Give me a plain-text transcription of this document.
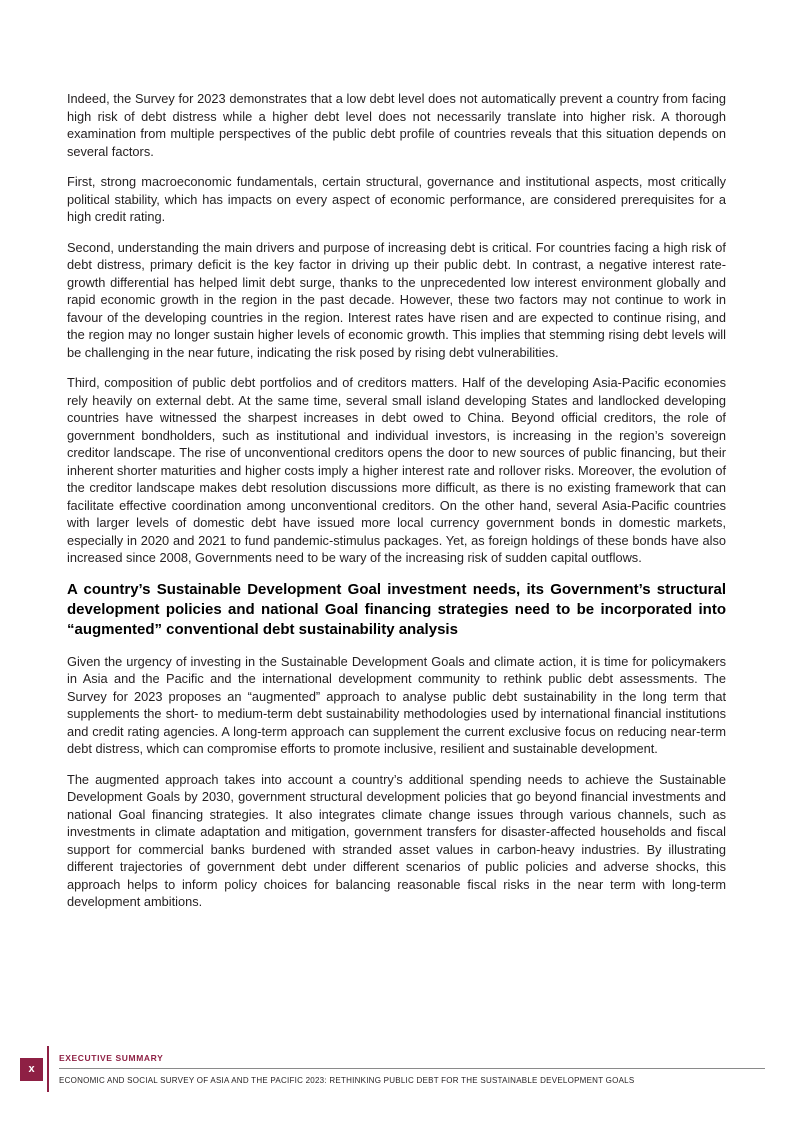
Indeed, the Survey for 2023 demonstrates that a low debt level does not automatically prevent a country from facing high risk of debt distress while a higher debt level does not necessarily translate into higher risk. A thorough examination from multiple perspectives of the public debt profile of countries reveals that this situation depends on several factors.

First, strong macroeconomic fundamentals, certain structural, governance and institutional aspects, most critically political stability, which has impacts on every aspect of economic performance, are considered prerequisites for a high credit rating.

Second, understanding the main drivers and purpose of increasing debt is critical. For countries facing a high risk of debt distress, primary deficit is the key factor in driving up their public debt. In contrast, a negative interest rate-growth differential has helped limit debt surge, thanks to the unprecedented low interest environment globally and rapid economic growth in the region in the past decade. However, these two factors may not continue to work in favour of the developing countries in the region. Interest rates have risen and are expected to continue rising, and the region may no longer sustain higher levels of economic growth. This implies that stemming rising debt levels will be challenging in the near future, indicating the risk posed by rising debt vulnerabilities.

Third, composition of public debt portfolios and of creditors matters. Half of the developing Asia-Pacific economies rely heavily on external debt. At the same time, several small island developing States and landlocked developing countries have witnessed the sharpest increases in debt owed to China. Beyond official creditors, the role of government bondholders, such as institutional and individual investors, is increasing in the region’s sovereign creditor landscape. The rise of unconventional creditors opens the door to new sources of public financing, but their inherent shorter maturities and higher costs imply a higher interest rate and rollover risks. Moreover, the evolution of the creditor landscape makes debt resolution discussions more difficult, as there is no existing framework that can facilitate effective coordination among unconventional creditors. On the other hand, several Asia-Pacific countries with larger levels of domestic debt have issued more local currency government bonds in domestic markets, especially in 2020 and 2021 to fund pandemic-stimulus packages. Yet, as foreign holdings of these bonds have also increased since 2008, Governments need to be wary of the increasing risk of sudden capital outflows.

A country’s Sustainable Development Goal investment needs, its Government’s structural development policies and national Goal financing strategies need to be incorporated into “augmented” conventional debt sustainability analysis

Given the urgency of investing in the Sustainable Development Goals and climate action, it is time for policymakers in Asia and the Pacific and the international development community to rethink public debt assessments. The Survey for 2023 proposes an “augmented” approach to analyse public debt sustainability in the long term that supplements the short- to medium-term debt sustainability methodologies used by international financial institutions and credit rating agencies. A long-term approach can supplement the current exclusive focus on reducing near-term debt distress, which can compromise efforts to promote inclusive, resilient and sustainable development.

The augmented approach takes into account a country’s additional spending needs to achieve the Sustainable Development Goals by 2030, government structural development policies that go beyond financial investments and national Goal financing strategies. It also integrates climate change issues through various channels, such as investments in climate adaptation and mitigation, government transfers for disaster-affected households and fiscal support for commercial banks burdened with stranded asset values in carbon-heavy industries. By illustrating different trajectories of government debt under different scenarios of public policies and adverse shocks, this approach helps to inform policy choices for balancing reasonable fiscal risks in the near term with long-term development ambitions.

x
EXECUTIVE SUMMARY
ECONOMIC AND SOCIAL SURVEY OF ASIA AND THE PACIFIC 2023: RETHINKING PUBLIC DEBT FOR THE SUSTAINABLE DEVELOPMENT GOALS
